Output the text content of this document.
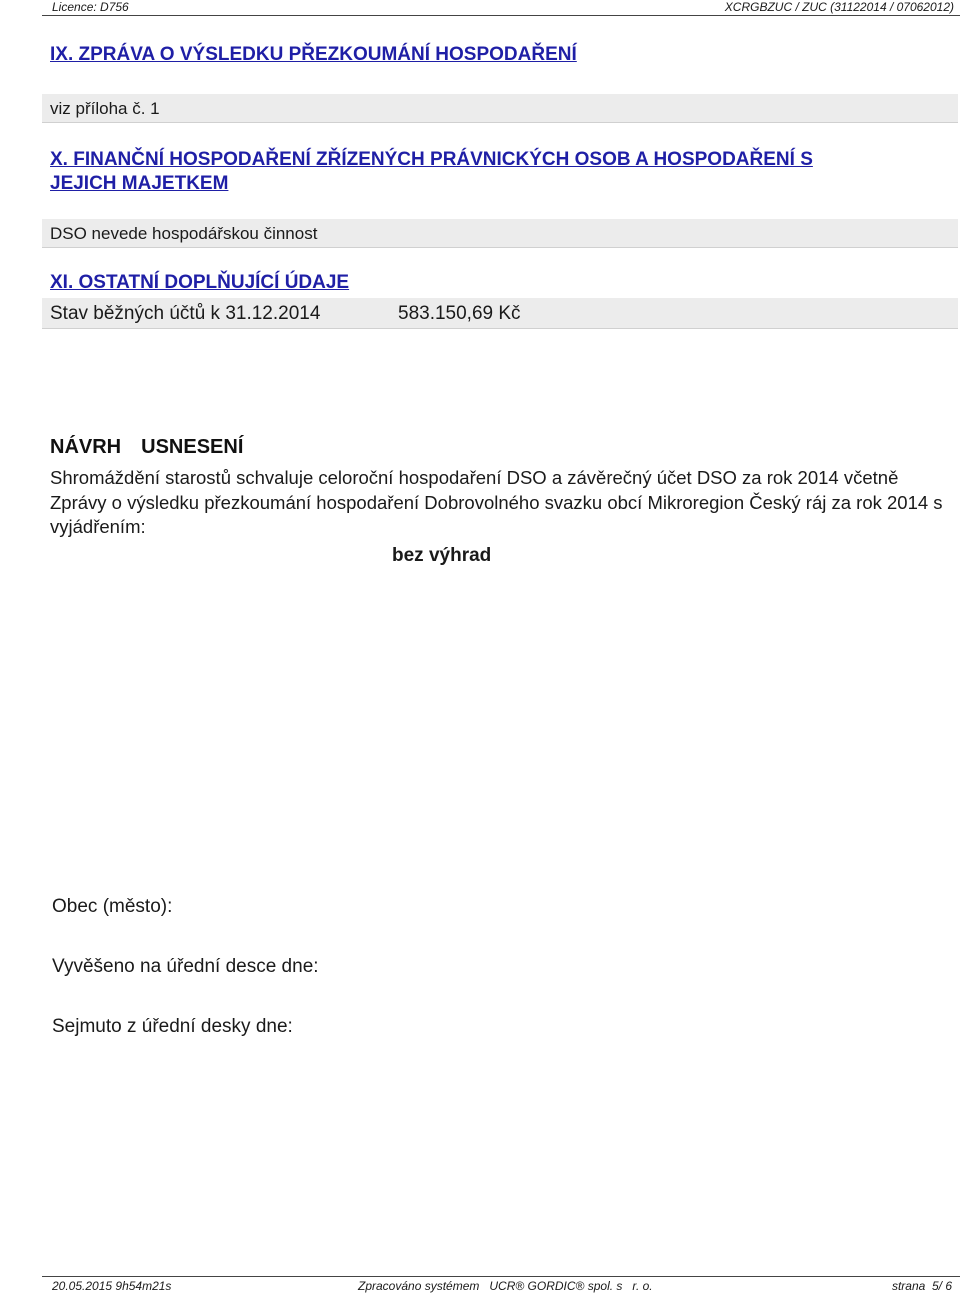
Licence: D756	XCRGBZUC / ZUC (31122014 / 07062012)
IX. ZPRÁVA O VÝSLEDKU PŘEZKOUMÁNÍ HOSPODAŘENÍ
viz příloha č. 1
X. FINANČNÍ HOSPODAŘENÍ ZŘÍZENÝCH PRÁVNICKÝCH OSOB A HOSPODAŘENÍ S
JEJICH MAJETKEM
DSO nevede hospodářskou činnost
XI. OSTATNÍ DOPLŇUJÍCÍ ÚDAJE
Stav běžných účtů k 31.12.2014	583.150,69 Kč
NÁVRH USNESENÍ
Shromáždění starostů schvaluje celoroční hospodaření DSO a závěrečný účet DSO za rok 2014 včetně Zprávy o výsledku přezkoumání hospodaření Dobrovolného svazku obcí Mikroregion Český ráj za rok 2014 s vyjádřením:
bez výhrad
Obec (město):
Vyvěšeno na úřední desce dne:
Sejmuto z úřední desky dne:
20.05.2015 9h54m21s	Zpracováno systémem   UCR® GORDIC® spol. s   r. o.	strana  5/ 6
